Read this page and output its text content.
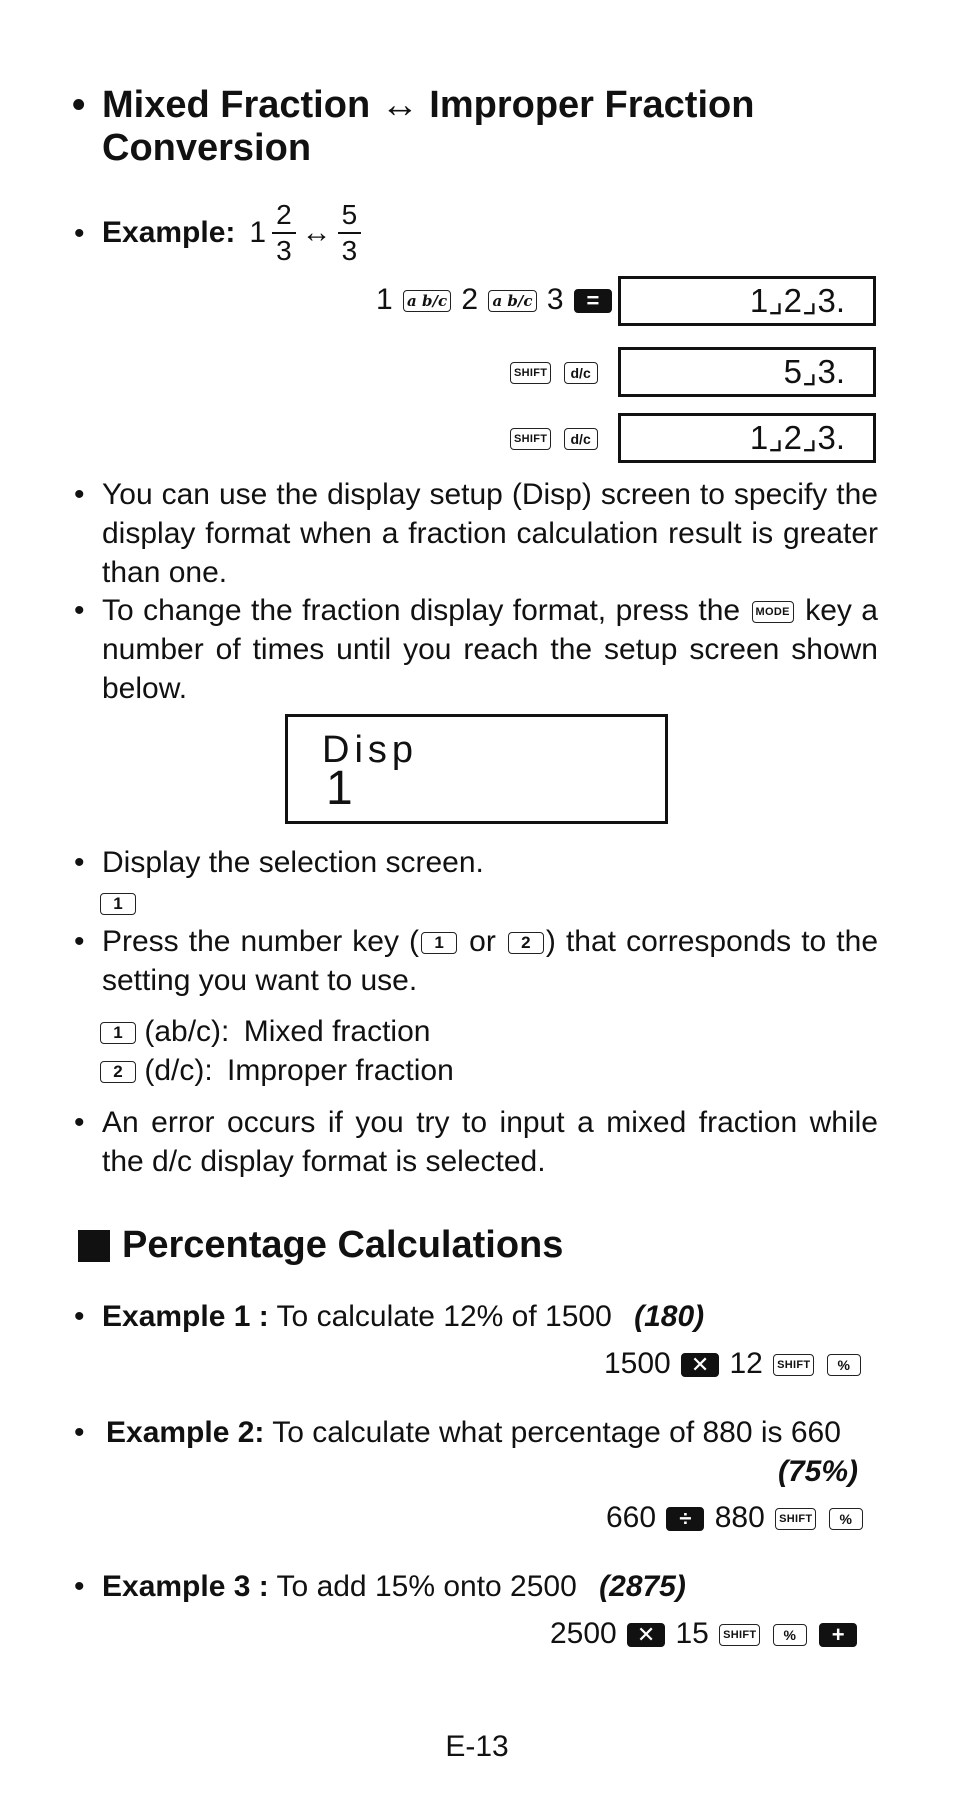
• Mixed Fraction ↔ Improper Fraction
Conversion
• Example: $1 \frac{2}{3}$ ↔ $\frac{5}{3}$
1 a b/c 2 a b/c 3 =	1⌟2⌟3.
SHIFT d/c	5⌟3.
SHIFT d/c	1⌟2⌟3.
• You can use the display setup (Disp) screen to specify the display format when a fraction calculation result is greater than one.
• To change the fraction display format, press the MODE key a number of times until you reach the setup screen shown below.
Disp
1
• Display the selection screen.
1
• Press the number key ( 1 or 2 ) that corresponds to the setting you want to use.
1 (ab/c): Mixed fraction
2 (d/c): Improper fraction
• An error occurs if you try to input a mixed fraction while the d/c display format is selected.
Percentage Calculations
• Example 1 : To calculate 12% of 1500 (180)
1500 ✕ 12 SHIFT %
• Example 2: To calculate what percentage of 880 is 660
(75%)
660 ÷ 880 SHIFT %
• Example 3 : To add 15% onto 2500 (2875)
2500 ✕ 15 SHIFT % +
E-13
